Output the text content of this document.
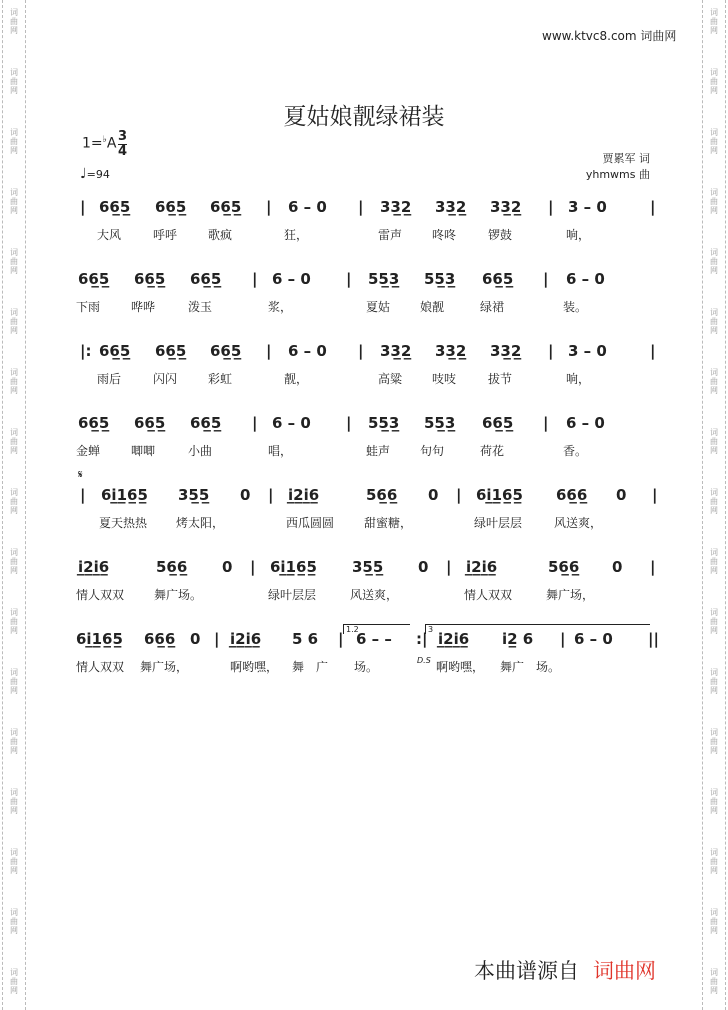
词
曲
网
词
曲
网
词
曲
网
词
曲
网
词
曲
网
词
曲
网
词
曲
网
词
曲
网
词
曲
网
词
曲
网
词
曲
网
词
曲
网
词
曲
网
词
曲
网
词
曲
网
词
曲
网
词
曲
网
词
曲
网
词
曲
网
词
曲
网
词
曲
网
词
曲
网
词
曲
网
词
曲
网
词
曲
网
词
曲
网
词
曲
网
词
曲
网
词
曲
网
词
曲
网
词
曲
网
词
曲
网
词
曲
网
词
曲
网
www.ktvc8.com 词曲网
夏姑娘靓绿裙装
$1=^♭A \frac{3}{4}$
♩=94
贾累军 词
yhmwms 曲
| 66̲5̲ 66̲5̲ 66̲5̲ | 6 – 0 | 33̲2̲ 33̲2̲ 33̲2̲ | 3 – 0	|
大风	呼呼	歌疯	狂，	雷声 咚咚	锣鼓	响，
66̲5̲ 66̲5̲ 66̲5̲ | 6 – 0 | 55̲3̲ 55̲3̲ 66̲5̲ | 6 – 0
下雨	哗哗	泼玉	浆，	夏姑 娘靓	绿裙	装。
|: 66̲5̲ 66̲5̲ 66̲5̲ | 6 – 0 | 33̲2̲ 33̲2̲ 33̲2̲ | 3 – 0	|
雨后	闪闪	彩虹	靓，	高粱 吱吱	拔节	响，
66̲5̲ 66̲5̲ 66̲5̲ | 6 – 0 | 55̲3̲ 55̲3̲ 66̲5̲ | 6 – 0
金蝉	唧唧	小曲	唱，	蛙声 句句	荷花	香。
| 6i̲1̲6̲5̲ 35̲5̲ 0 | i̲2̲i̲6̲	56̲6̲ 0 | 6i̲1̲6̲5̲ 66̲6̲ 0 |
夏天热热 烤太阳，	西瓜圆圆 甜蜜糖，	绿叶层层	风送爽，
i̲2̲i̲6̲	56̲6̲ 0 | 6i̲1̲6̲5̲ 35̲5̲ 0 | i̲2̲i̲6̲	56̲6̲ 0 |
情人双双 舞广场。	绿叶层层	风送爽，	情人双双	舞广场，
6i̲1̲6̲5̲ 66̲6̲ 0 | i̲2̲i̲6̲ 5 6 | 6 – – :| i̲2̲i̲6̲ i2̲ 6 | 6 – 0 ||
情人双双 舞广场，	啊哟嘿， 舞 广 场。	啊哟嘿， 舞广 场。
本曲谱源自 词曲网
𝄋
1.2	3
D.S
